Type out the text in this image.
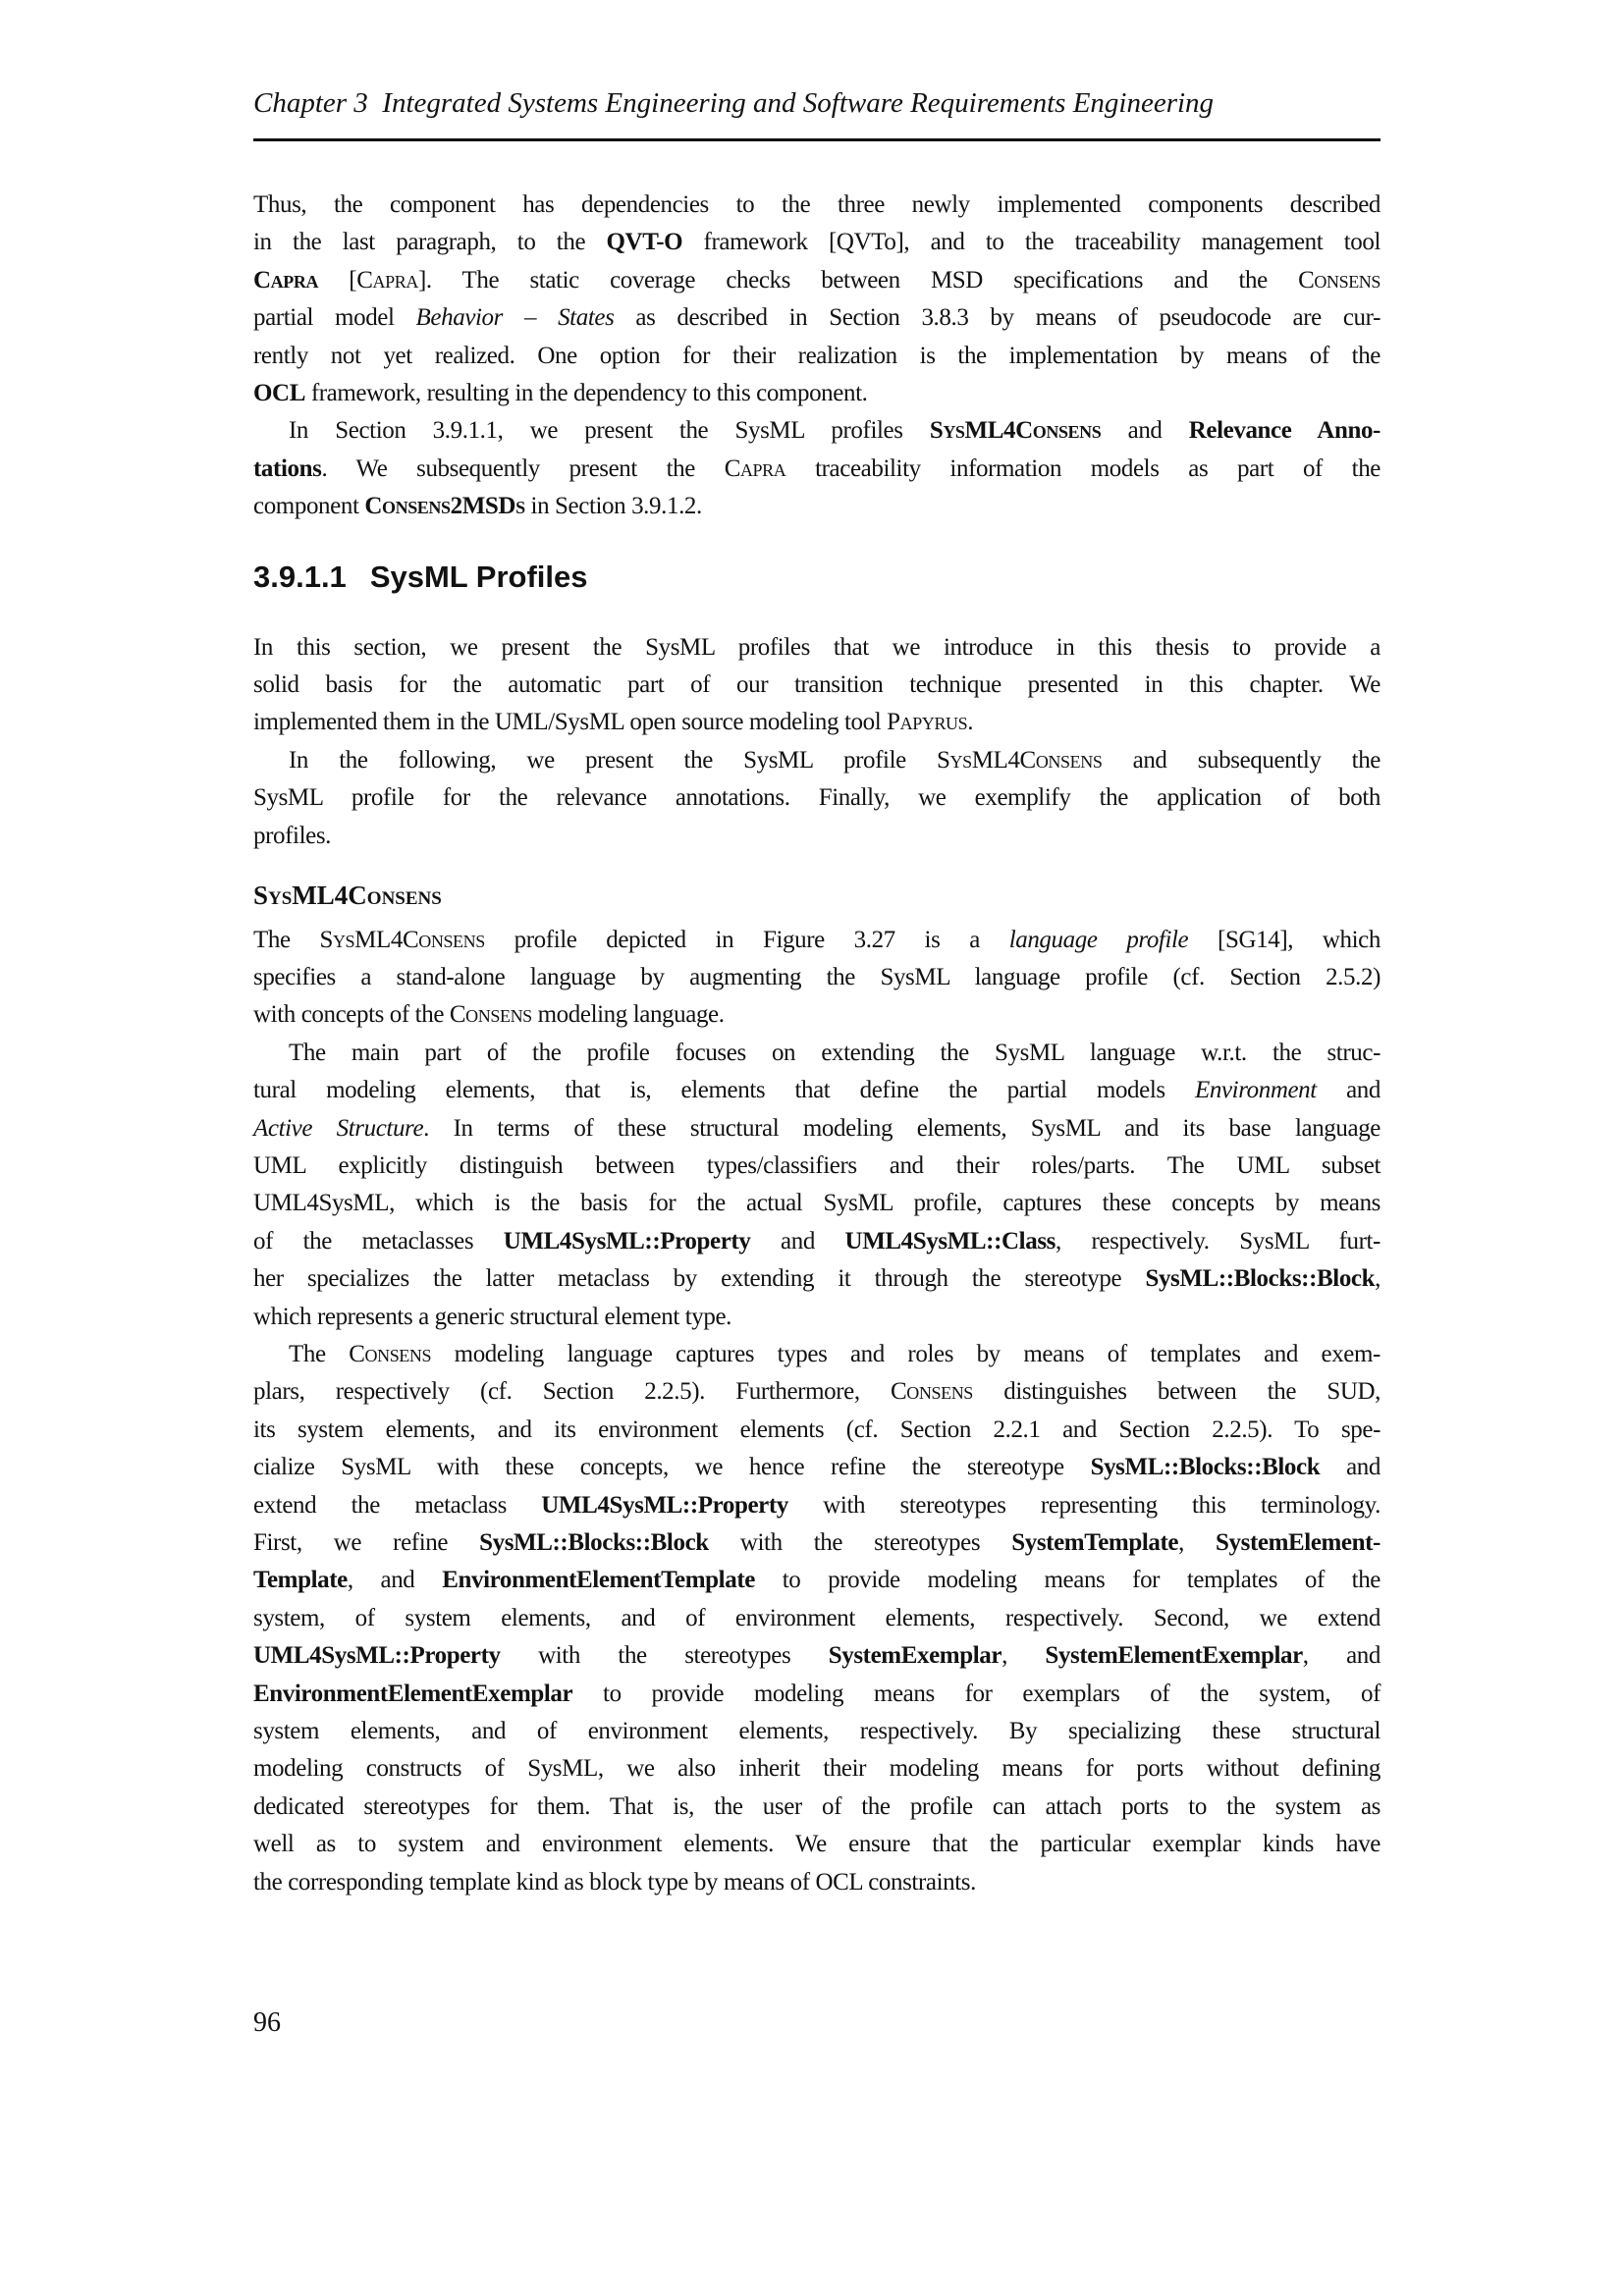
Chapter 3  Integrated Systems Engineering and Software Requirements Engineering
Thus, the component has dependencies to the three newly implemented components described
in the last paragraph, to the QVT-O framework [QVTo], and to the traceability management tool
Capra [Capra]. The static coverage checks between MSD specifications and the Consens
partial model Behavior – States as described in Section 3.8.3 by means of pseudocode are cur-
rently not yet realized. One option for their realization is the implementation by means of the
OCL framework, resulting in the dependency to this component.
In Section 3.9.1.1, we present the SysML profiles SysML4Consens and Relevance Anno-
tations. We subsequently present the Capra traceability information models as part of the
component Consens2MSDs in Section 3.9.1.2.
3.9.1.1 SysML Profiles
In this section, we present the SysML profiles that we introduce in this thesis to provide a
solid basis for the automatic part of our transition technique presented in this chapter. We
implemented them in the UML/SysML open source modeling tool Papyrus.
In the following, we present the SysML profile SysML4Consens and subsequently the
SysML profile for the relevance annotations. Finally, we exemplify the application of both
profiles.
SysML4Consens
The SysML4Consens profile depicted in Figure 3.27 is a language profile [SG14], which
specifies a stand-alone language by augmenting the SysML language profile (cf. Section 2.5.2)
with concepts of the Consens modeling language.
The main part of the profile focuses on extending the SysML language w.r.t. the struc-
tural modeling elements, that is, elements that define the partial models Environment and
Active Structure. In terms of these structural modeling elements, SysML and its base language
UML explicitly distinguish between types/classifiers and their roles/parts. The UML subset
UML4SysML, which is the basis for the actual SysML profile, captures these concepts by means
of the metaclasses UML4SysML::Property and UML4SysML::Class, respectively. SysML furt-
her specializes the latter metaclass by extending it through the stereotype SysML::Blocks::Block,
which represents a generic structural element type.
The Consens modeling language captures types and roles by means of templates and exem-
plars, respectively (cf. Section 2.2.5). Furthermore, Consens distinguishes between the SUD,
its system elements, and its environment elements (cf. Section 2.2.1 and Section 2.2.5). To spe-
cialize SysML with these concepts, we hence refine the stereotype SysML::Blocks::Block and
extend the metaclass UML4SysML::Property with stereotypes representing this terminology.
First, we refine SysML::Blocks::Block with the stereotypes SystemTemplate, SystemElement-
Template, and EnvironmentElementTemplate to provide modeling means for templates of the
system, of system elements, and of environment elements, respectively. Second, we extend
UML4SysML::Property with the stereotypes SystemExemplar, SystemElementExemplar, and
EnvironmentElementExemplar to provide modeling means for exemplars of the system, of
system elements, and of environment elements, respectively. By specializing these structural
modeling constructs of SysML, we also inherit their modeling means for ports without defining
dedicated stereotypes for them. That is, the user of the profile can attach ports to the system as
well as to system and environment elements. We ensure that the particular exemplar kinds have
the corresponding template kind as block type by means of OCL constraints.
96
